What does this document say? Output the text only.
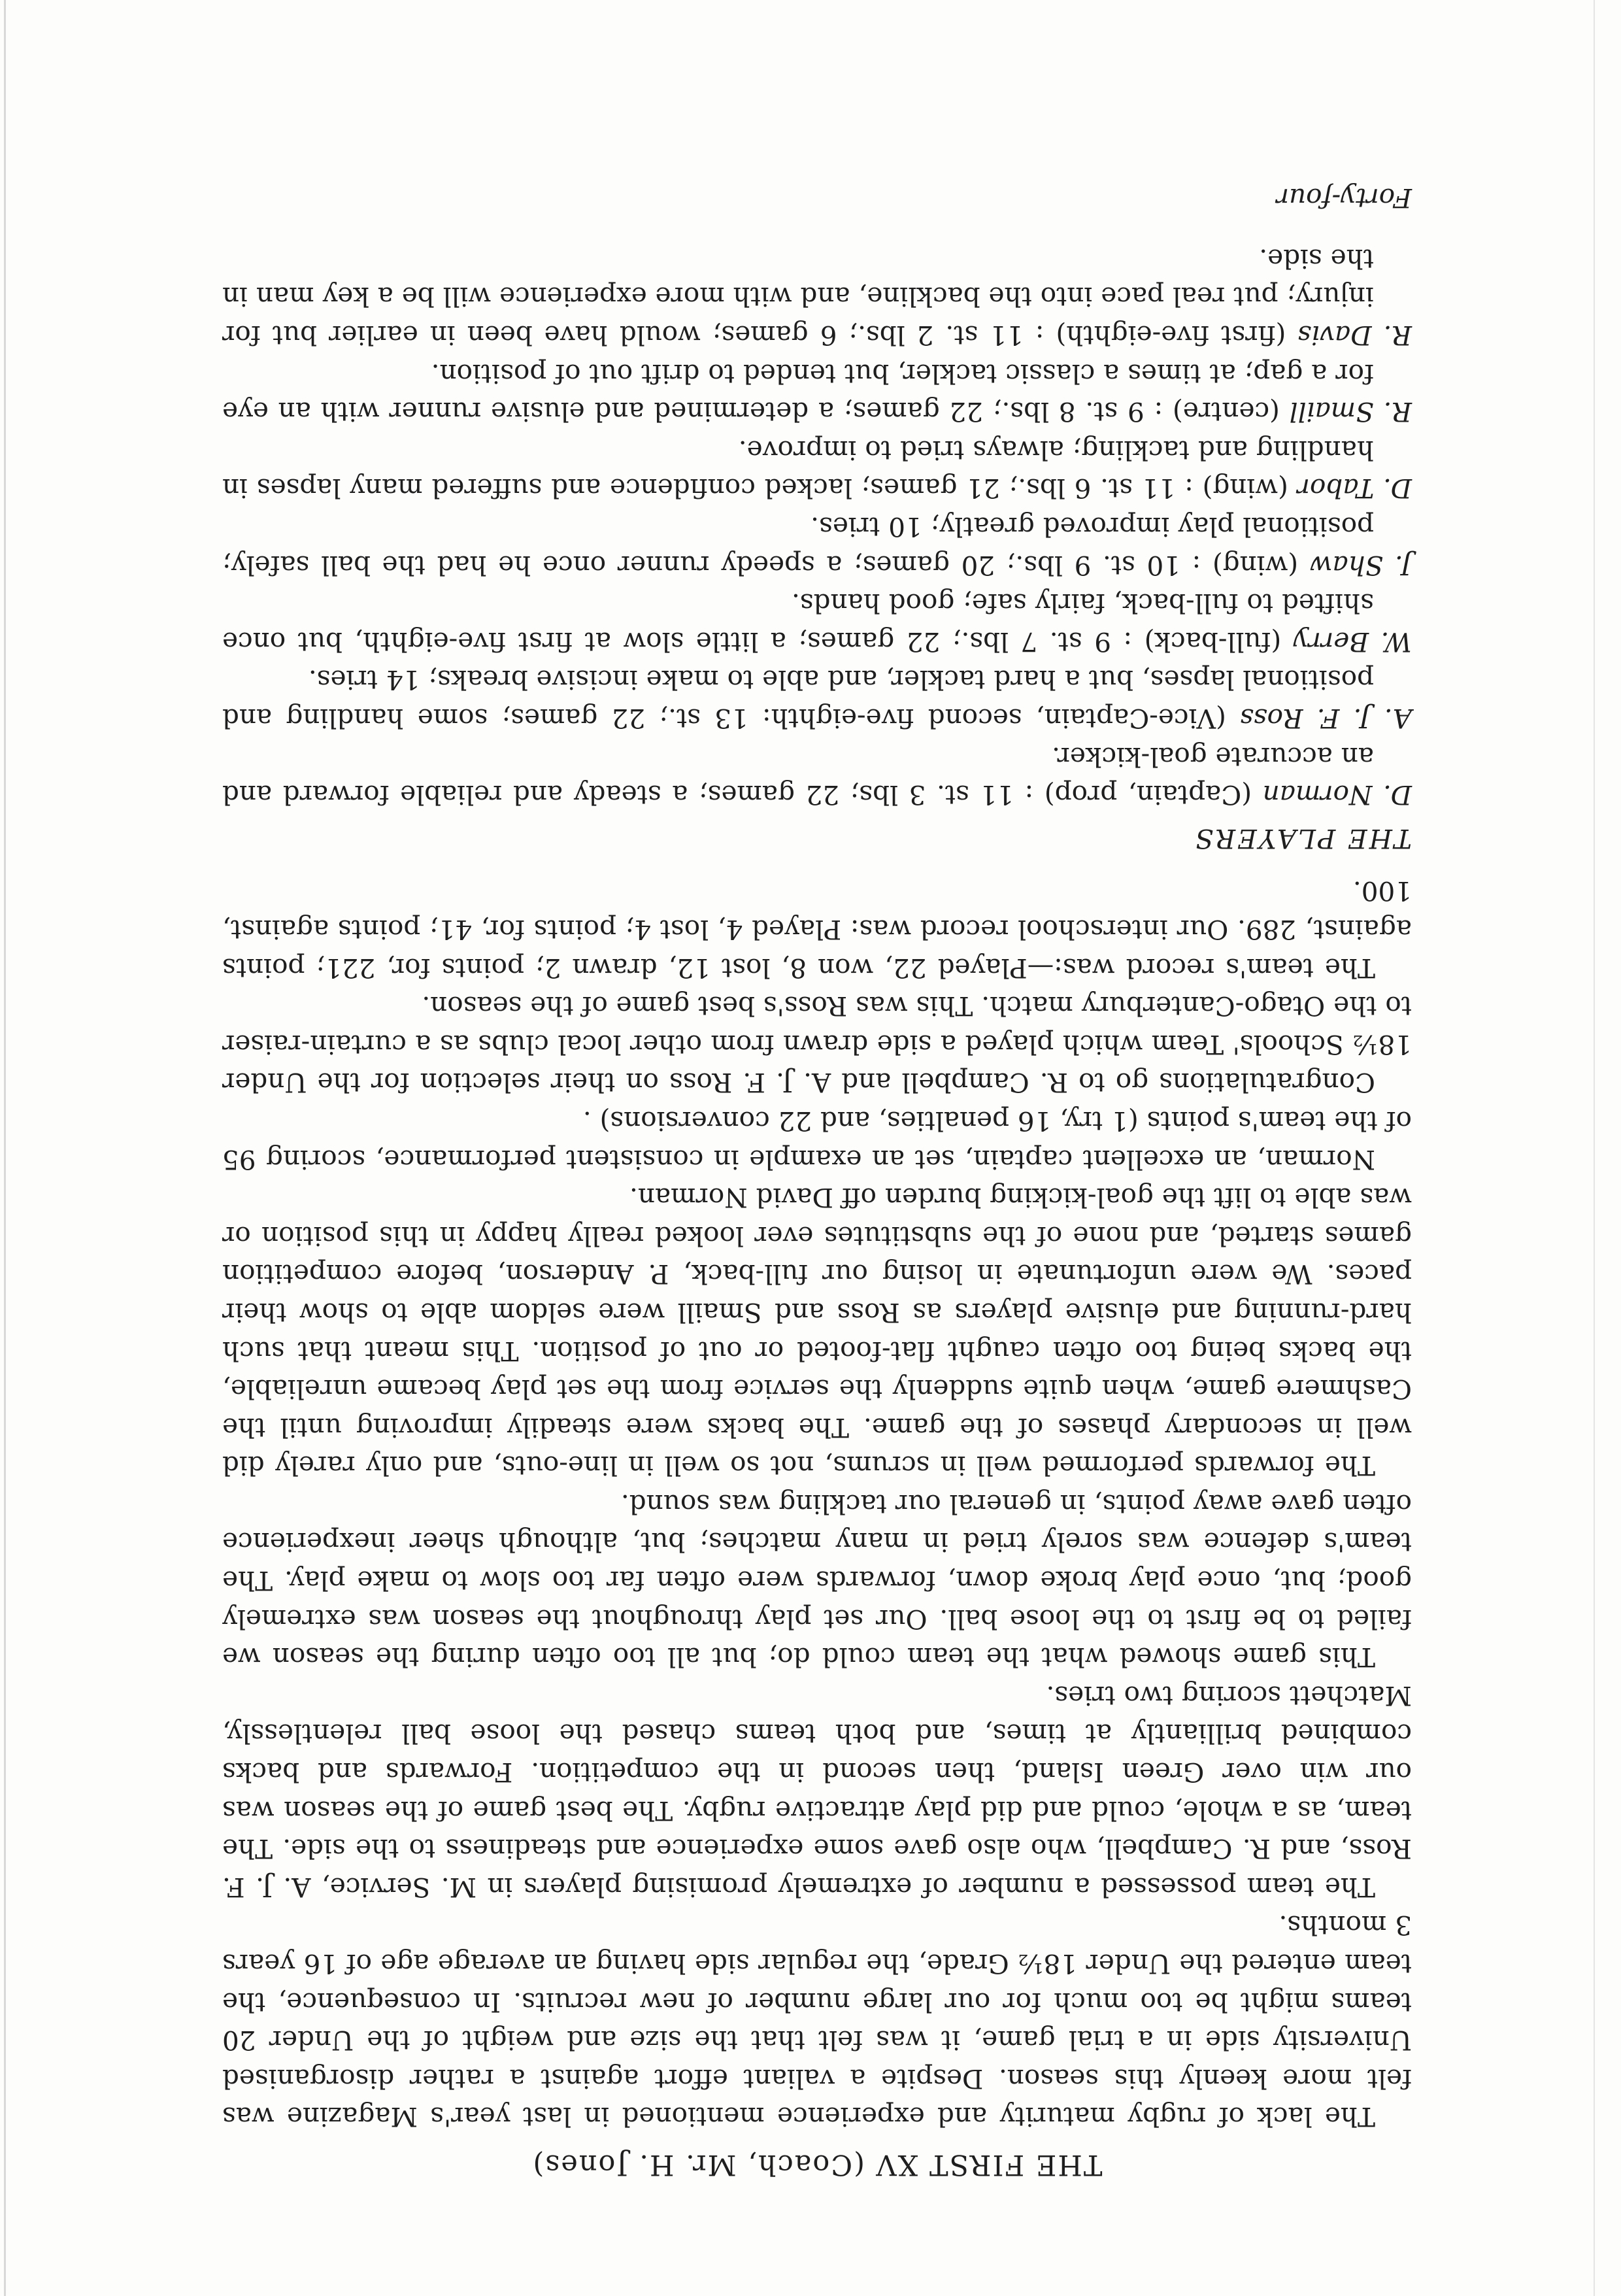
THE FIRST XV (Coach, Mr. H. Jones)

The lack of rugby maturity and experience mentioned in last year's Magazine was felt more keenly this season. Despite a valiant effort against a rather disorganised University side in a trial game, it was felt that the size and weight of the Under 20 teams might be too much for our large number of new recruits. In consequence, the team entered the Under 18½ Grade, the regular side having an average age of 16 years 3 months.

The team possessed a number of extremely promising players in M. Service, A. J. F. Ross, and R. Campbell, who also gave some experience and steadiness to the side. The team, as a whole, could and did play attractive rugby. The best game of the season was our win over Green Island, then second in the competition. Forwards and backs combined brilliantly at times, and both teams chased the loose ball relentlessly, Matchett scoring two tries.

This game showed what the team could do; but all too often during the season we failed to be first to the loose ball. Our set play throughout the season was extremely good; but, once play broke down, forwards were often far too slow to make play. The team's defence was sorely tried in many matches; but, although sheer inexperience often gave away points, in general our tackling was sound.

The forwards performed well in scrums, not so well in line-outs, and only rarely did well in secondary phases of the game. The backs were steadily improving until the Cashmere game, when quite suddenly the service from the set play became unreliable, the backs being too often caught flat-footed or out of position. This meant that such hard-running and elusive players as Ross and Smaill were seldom able to show their paces. We were unfortunate in losing our full-back, P. Anderson, before competition games started, and none of the substitutes ever looked really happy in this position or was able to lift the goal-kicking burden off David Norman.

Norman, an excellent captain, set an example in consistent performance, scoring 95 of the team's points (1 try, 16 penalties, and 22 conversions) .

Congratulations go to R. Campbell and A. J. F. Ross on their selection for the Under 18½ Schools' Team which played a side drawn from other local clubs as a curtain-raiser to the Otago-Canterbury match. This was Ross's best game of the season.

The team's record was:—Played 22, won 8, lost 12, drawn 2; points for, 221; points against, 289. Our interschool record was: Played 4, lost 4; points for, 41; points against, 100.

THE PLAYERS

D. Norman (Captain, prop) : 11 st. 3 lbs; 22 games; a steady and reliable forward and an accurate goal-kicker.

A. J. F. Ross (Vice-Captain, second five-eighth: 13 st.; 22 games; some handling and positional lapses, but a hard tackler, and able to make incisive breaks; 14 tries.

W. Berry (full-back) : 9 st. 7 lbs.; 22 games; a little slow at first five-eighth, but once shifted to full-back, fairly safe; good hands.

J. Shaw (wing) : 10 st. 9 lbs.; 20 games; a speedy runner once he had the ball safely; positional play improved greatly; 10 tries.

D. Tabor (wing) : 11 st. 6 lbs.; 21 games; lacked confidence and suffered many lapses in handling and tackling; always tried to improve.

R. Smaill (centre) : 9 st. 8 lbs.; 22 games; a determined and elusive runner with an eye for a gap; at times a classic tackler, but tended to drift out of position.

R. Davis (first five-eighth) : 11 st. 2 lbs.; 6 games; would have been in earlier but for injury; put real pace into the backline, and with more experience will be a key man in the side.

Forty-four
